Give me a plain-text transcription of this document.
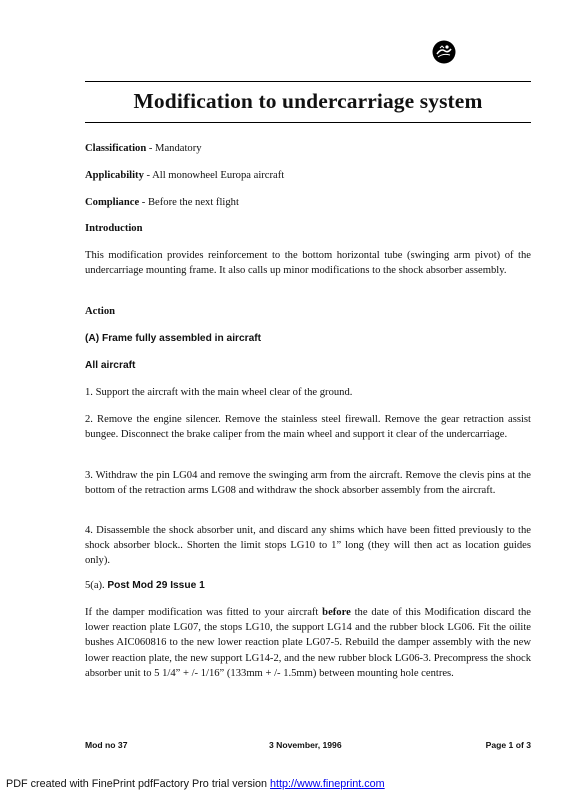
Modification to undercarriage system
Classification - Mandatory
Applicability - All monowheel Europa aircraft
Compliance - Before the next flight
Introduction
This modification provides reinforcement to the bottom horizontal tube (swinging arm pivot) of the undercarriage mounting frame. It also calls up minor modifications to the shock absorber assembly.
Action
(A) Frame fully assembled in aircraft
All aircraft
1. Support the aircraft with the main wheel clear of the ground.
2. Remove the engine silencer. Remove the stainless steel firewall. Remove the gear retraction assist bungee. Disconnect the brake caliper from the main wheel and support it clear of the undercarriage.
3. Withdraw the pin LG04 and remove the swinging arm from the aircraft. Remove the clevis pins at the bottom of the retraction arms LG08 and withdraw the shock absorber assembly from the aircraft.
4. Disassemble the shock absorber unit, and discard any shims which have been fitted previously to the shock absorber block.. Shorten the limit stops LG10 to 1” long (they will then act as location guides only).
5(a). Post Mod 29 Issue 1
If the damper modification was fitted to your aircraft before the date of this Modification discard the lower reaction plate LG07, the stops LG10, the support LG14 and the rubber block LG06. Fit the oilite bushes AIC060816 to the new lower reaction plate LG07-5. Rebuild the damper assembly with the new lower reaction plate, the new support LG14-2, and the new rubber block LG06-3. Precompress the shock absorber unit to 5 1/4” + /- 1/16” (133mm + /- 1.5mm) between mounting hole centres.
Mod no 37	3 November, 1996	Page 1 of 3
PDF created with FinePrint pdfFactory Pro trial version http://www.fineprint.com
